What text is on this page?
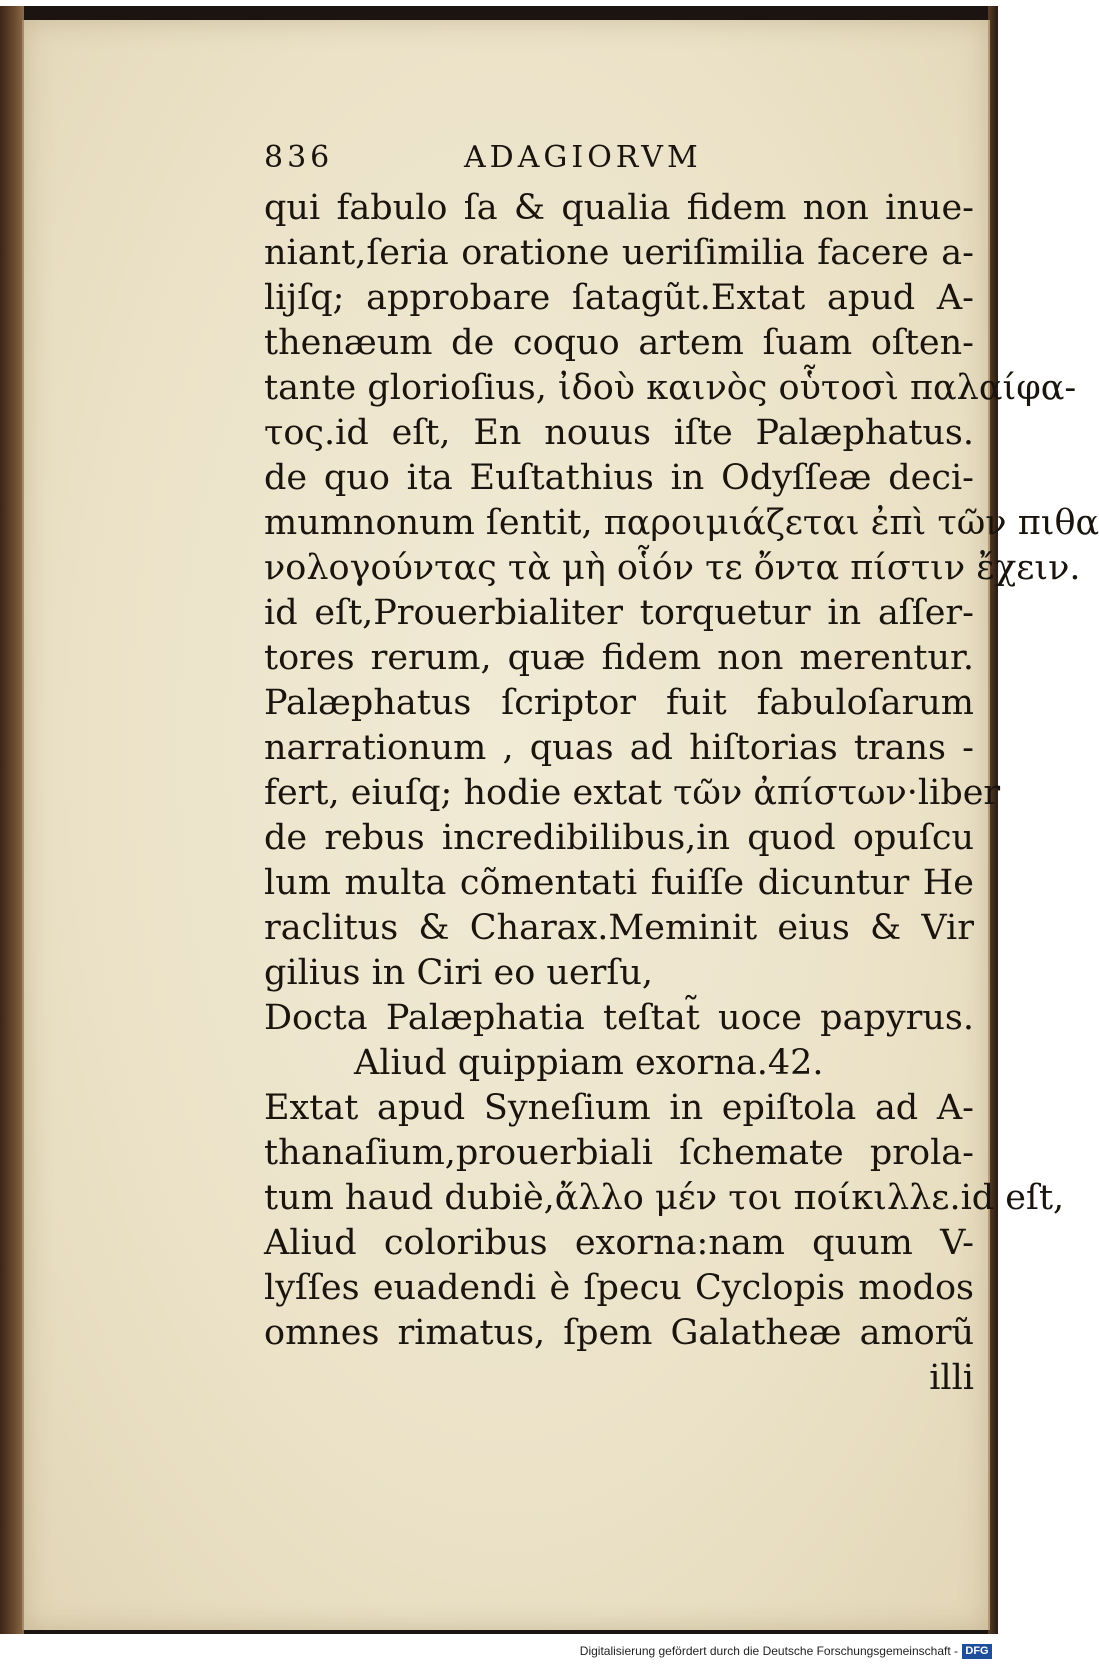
836	ADAGIORVM
qui fabulo ſa & qualia fidem non inue-
niant,ſeria oratione ueriſimilia facere a-
lijſq; approbare ſatagũt.Extat apud A-
thenæum de coquo artem ſuam oſten-
tante glorioſius, ἰδοὺ καινὸς οὗτοσὶ παλαίφα-
τος.id eſt, En nouus iſte Palæphatus.
de quo ita Euſtathius in Odyſſeæ deci-
mumnonum ſentit, παροιμιάζεται ἐπὶ τῶν πιθα
νολογούντας τὰ μὴ οἷόν τε ὄντα πίστιν ἔχειν.
id eſt,Prouerbialiter torquetur in aſſer-
tores rerum, quæ fidem non merentur.
Palæphatus ſcriptor fuit fabuloſarum
narrationum , quas ad hiſtorias trans -
fert, eiuſq; hodie extat τῶν ἀπίστων·liber
de rebus incredibilibus,in quod opuſcu
lum multa cõmentati fuiſſe dicuntur He
raclitus & Charax.Meminit eius & Vir
gilius in Ciri eo uerſu,
Docta Palæphatia teſtat̃ uoce papyrus.
Aliud quippiam exorna.42.
Extat apud Syneſium in epiſtola ad A-
thanaſium,prouerbiali ſchemate prola-
tum haud dubiè,ἄλλο μέν τοι ποίκιλλε.id eſt,
Aliud coloribus exorna:nam quum V-
lyſſes euadendi è ſpecu Cyclopis modos
omnes rimatus, ſpem Galatheæ amorũ
illi
Digitalisierung gefördert durch die Deutsche Forschungsgemeinschaft - DFG
